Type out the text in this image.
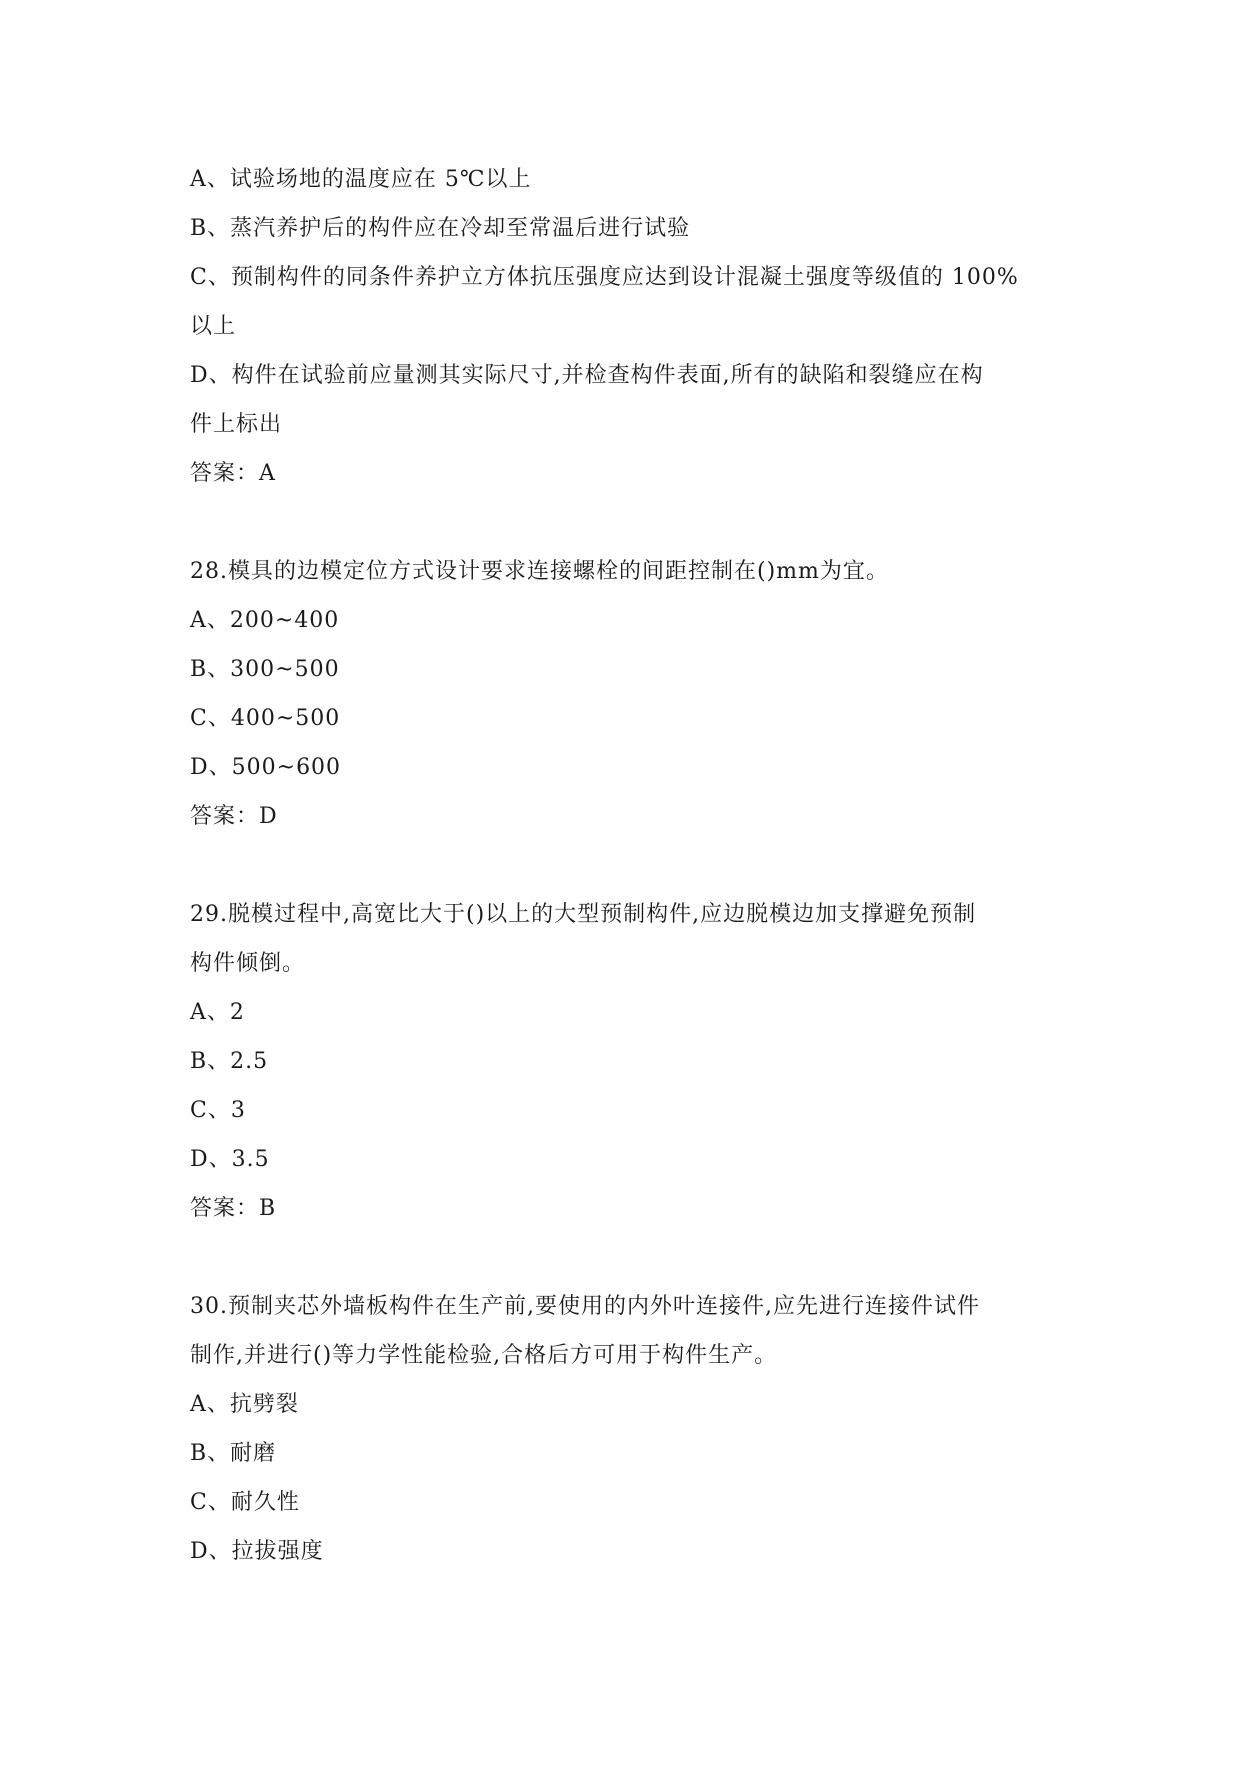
A、试验场地的温度应在 5℃以上
B、蒸汽养护后的构件应在冷却至常温后进行试验
C、预制构件的同条件养护立方体抗压强度应达到设计混凝土强度等级值的 100%
以上
D、构件在试验前应量测其实际尺寸,并检查构件表面,所有的缺陷和裂缝应在构
件上标出
答案：A
28.模具的边模定位方式设计要求连接螺栓的间距控制在()mm为宜。
A、200~400
B、300~500
C、400~500
D、500~600
答案：D
29.脱模过程中,高宽比大于()以上的大型预制构件,应边脱模边加支撑避免预制
构件倾倒。
A、2
B、2.5
C、3
D、3.5
答案：B
30.预制夹芯外墙板构件在生产前,要使用的内外叶连接件,应先进行连接件试件
制作,并进行()等力学性能检验,合格后方可用于构件生产。
A、抗劈裂
B、耐磨
C、耐久性
D、拉拔强度
